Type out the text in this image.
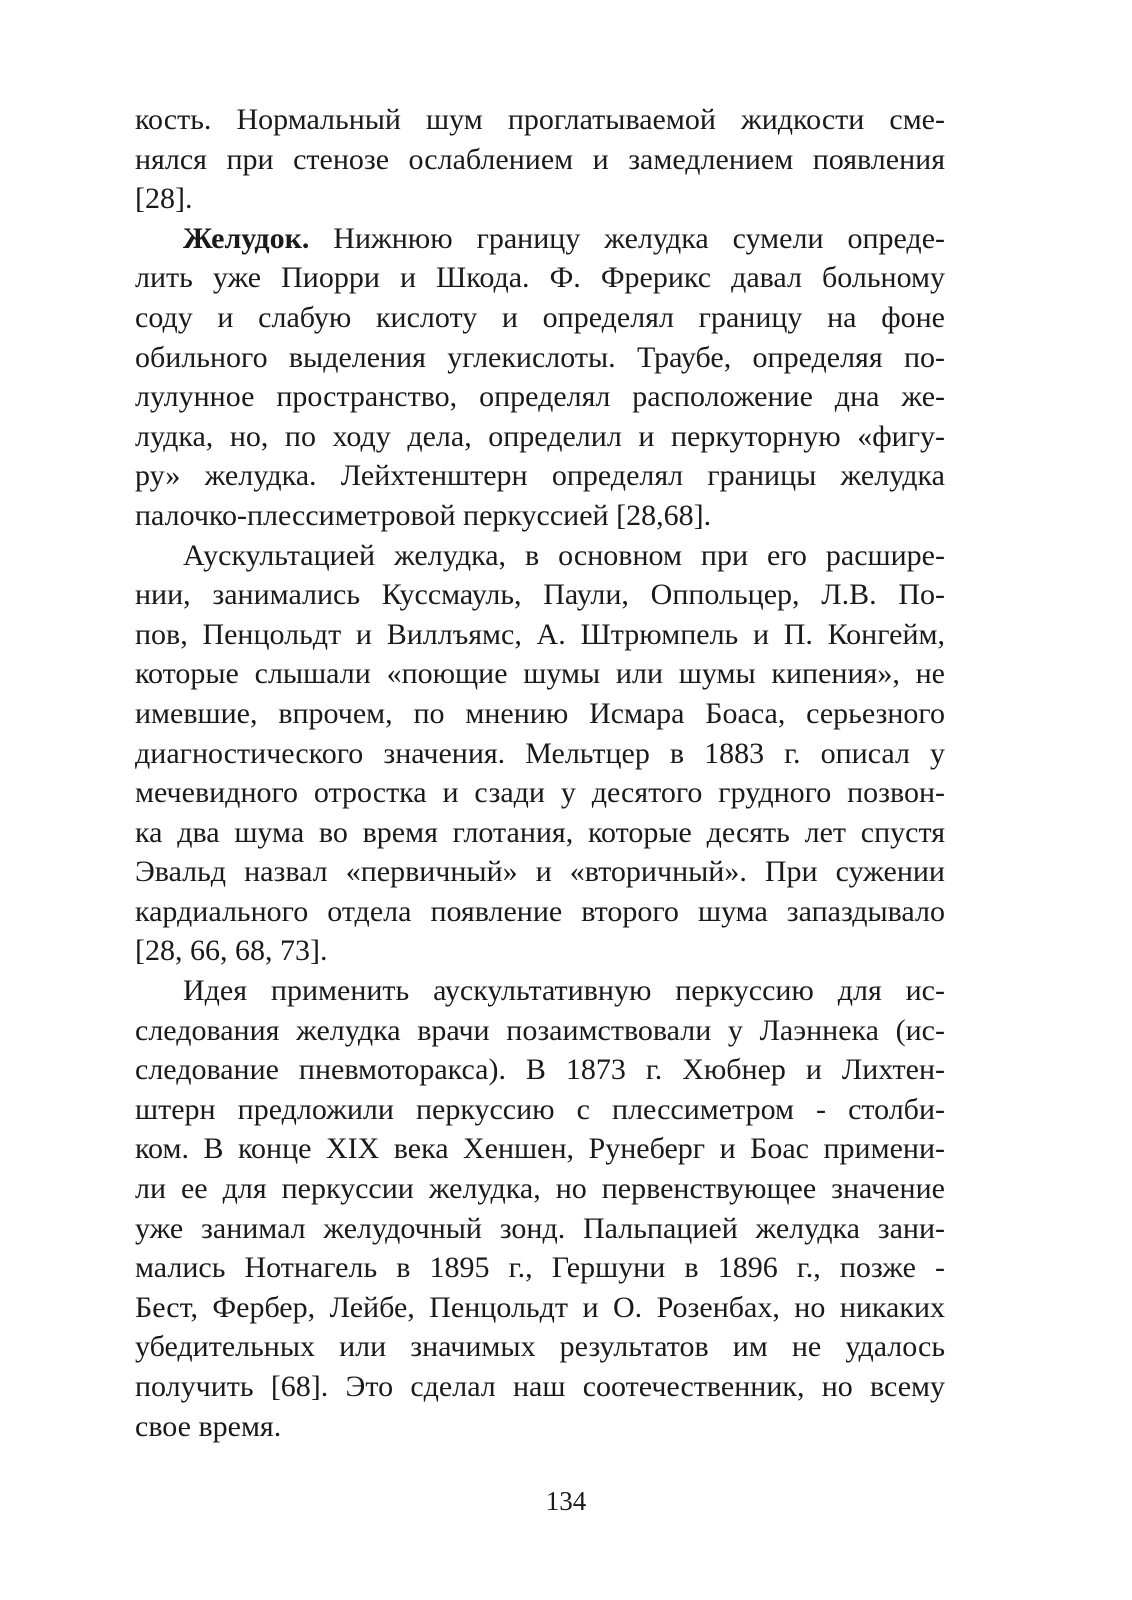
кость. Нормальный шум проглатываемой жидкости сме-
нялся при стенозе ослаблением и замедлением появления
[28].
Желудок. Нижнюю границу желудка сумели опреде-
лить уже Пиорри и Шкода. Ф. Фрерикс давал больному
соду и слабую кислоту и определял границу на фоне
обильного выделения углекислоты. Траубе, определяя по-
лулунное пространство, определял расположение дна же-
лудка, но, по ходу дела, определил и перкуторную «фигу-
ру» желудка. Лейхтенштерн определял границы желудка
палочко-плессиметровой перкуссией [28,68].
Аускультацией желудка, в основном при его расшире-
нии, занимались Куссмауль, Паули, Оппольцер, Л.В. По-
пов, Пенцольдт и Виллъямс, А. Штрюмпель и П. Конгейм,
которые слышали «поющие шумы или шумы кипения», не
имевшие, впрочем, по мнению Исмара Боаса, серьезного
диагностического значения. Мельтцер в 1883 г. описал у
мечевидного отростка и сзади у десятого грудного позвон-
ка два шума во время глотания, которые десять лет спустя
Эвальд назвал «первичный» и «вторичный». При сужении
кардиального отдела появление второго шума запаздывало
[28, 66, 68, 73].
Идея применить аускультативную перкуссию для ис-
следования желудка врачи позаимствовали у Лаэннека (ис-
следование пневмоторакса). В 1873 г. Хюбнер и Лихтен-
штерн предложили перкуссию с плессиметром - столби-
ком. В конце XIX века Хеншен, Рунеберг и Боас примени-
ли ее для перкуссии желудка, но первенствующее значение
уже занимал желудочный зонд. Пальпацией желудка зани-
мались Нотнагель в 1895 г., Гершуни в 1896 г., позже -
Бест, Фербер, Лейбе, Пенцольдт и О. Розенбах, но никаких
убедительных или значимых результатов им не удалось
получить [68]. Это сделал наш соотечественник, но всему
свое время.
134
